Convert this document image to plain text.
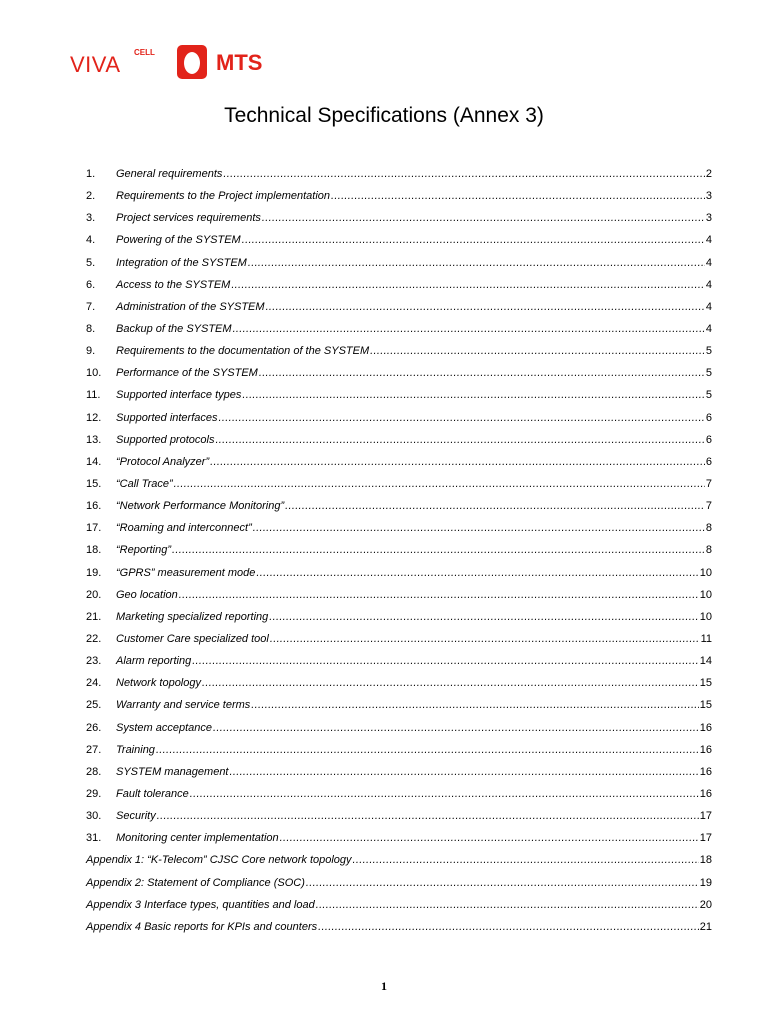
VIVA CELL	MTS
Technical Specifications (Annex 3)
1.	General requirements .....	2
2.	Requirements to the Project implementation .....	3
3.	Project services requirements .....	3
4.	Powering of the SYSTEM .....	4
5.	Integration of the SYSTEM .....	4
6.	Access to the SYSTEM .....	4
7.	Administration of the SYSTEM .....	4
8.	Backup of the SYSTEM .....	4
9.	Requirements to the documentation of the SYSTEM .....	5
10.	Performance of the SYSTEM .....	5
11.	Supported interface types .....	5
12.	Supported interfaces .....	6
13.	Supported protocols .....	6
14.	“Protocol Analyzer” .....	6
15.	“Call Trace” .....	7
16.	“Network Performance Monitoring” .....	7
17.	“Roaming and interconnect” .....	8
18.	“Reporting” .....	8
19.	“GPRS” measurement mode .....	10
20.	Geo location .....	10
21.	Marketing specialized reporting .....	10
22.	Customer Care specialized tool .....	11
23.	Alarm reporting .....	14
24.	Network topology .....	15
25.	Warranty and service terms .....	15
26.	System acceptance .....	16
27.	Training .....	16
28.	SYSTEM management .....	16
29.	Fault tolerance .....	16
30.	Security .....	17
31.	Monitoring center implementation .....	17
Appendix 1: “K-Telecom” CJSC Core network topology .....	18
Appendix 2: Statement of Compliance (SOC) .....	19
Appendix 3 Interface types, quantities and load .....	20
Appendix 4 Basic reports for KPIs and counters .....	21
1
